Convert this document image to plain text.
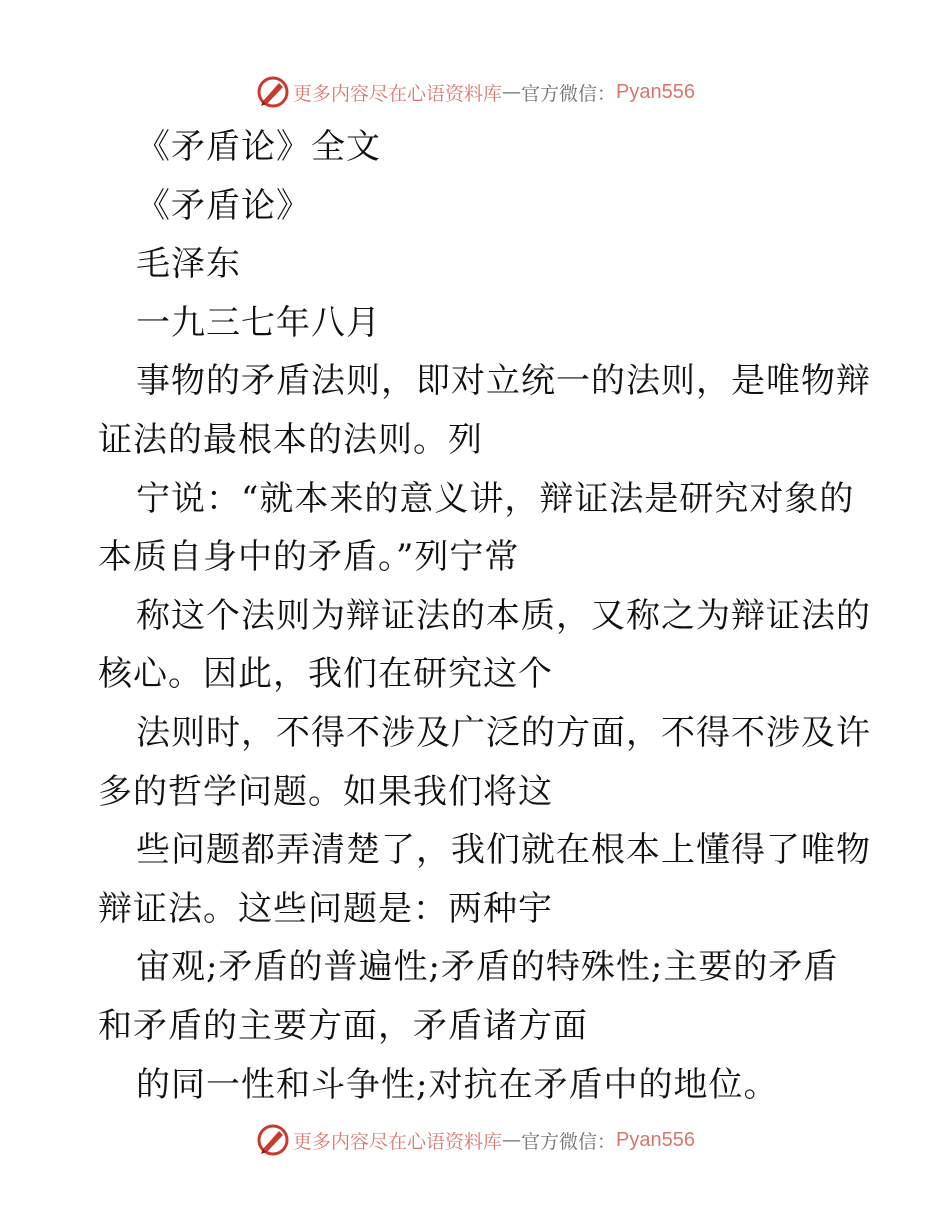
更多内容尽在心语资料库 — 官方微信： Pyan556
《矛盾论》全文
《矛盾论》
毛泽东
一九三七年八月
事物的矛盾法则，即对立统一的法则，是唯物辩
证法的最根本的法则。列
宁说：“就本来的意义讲，辩证法是研究对象的
本质自身中的矛盾。”列宁常
称这个法则为辩证法的本质，又称之为辩证法的
核心。因此，我们在研究这个
法则时，不得不涉及广泛的方面，不得不涉及许
多的哲学问题。如果我们将这
些问题都弄清楚了，我们就在根本上懂得了唯物
辩证法。这些问题是：两种宇
宙观;矛盾的普遍性;矛盾的特殊性;主要的矛盾
和矛盾的主要方面，矛盾诸方面
的同一性和斗争性;对抗在矛盾中的地位。
更多内容尽在心语资料库 — 官方微信： Pyan556
